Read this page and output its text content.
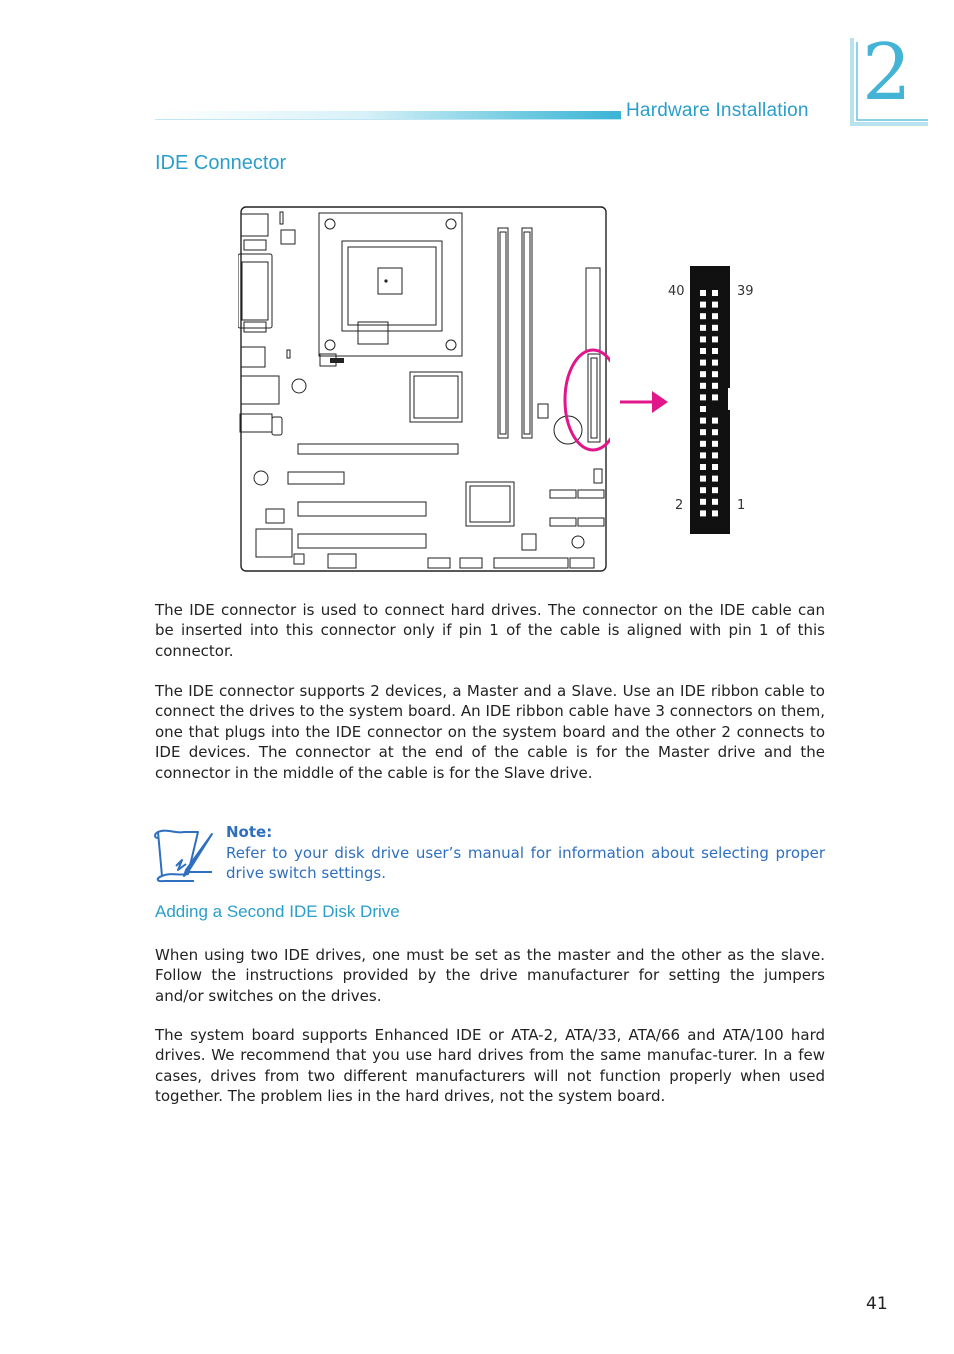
Hardware Installation 2
IDE Connector
40	39
2	1

The IDE connector is used to connect hard drives. The connector on the IDE cable can be inserted into this connector only if pin 1 of the cable is aligned with pin 1 of this connector.

The IDE connector supports 2 devices, a Master and a Slave. Use an IDE ribbon cable to connect the drives to the system board. An IDE ribbon cable have 3 connectors on them, one that plugs into the IDE connector on the system board and the other 2 connects to IDE devices. The connector at the end of the cable is for the Master drive and the connector in the middle of the cable is for the Slave drive.

Note:

Refer to your disk drive user’s manual for information about selecting proper drive switch settings.

Adding a Second IDE Disk Drive

When using two IDE drives, one must be set as the master and the other as the slave. Follow the instructions provided by the drive manufacturer for setting the jumpers and/or switches on the drives.

The system board supports Enhanced IDE or ATA-2, ATA/33, ATA/66 and ATA/100 hard drives. We recommend that you use hard drives from the same manufac-turer. In a few cases, drives from two different manufacturers will not function properly when used together. The problem lies in the hard drives, not the system board.

41
